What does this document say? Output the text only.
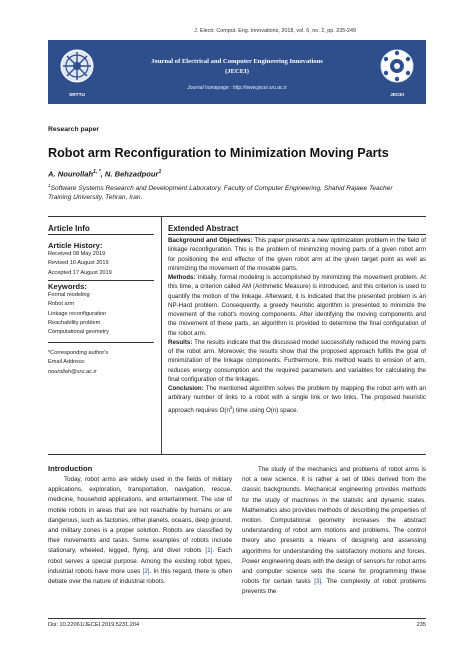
J. Electr. Comput. Eng. Innovations, 2018, vol. 6, no. 2, pp. 235-249
SRTTU
Journal of Electrical and Computer Engineering Innovations
(JECEI)
Journal homepage : http://www.jecei.sru.ac.ir
JECEI
Research paper
Robot arm Reconfiguration to Minimization Moving Parts
A. Nourollah$^{1, *}$, N. Behzadpour$^1$
$^1$Software Systems Research and Development Laboratory, Faculty of Computer Engineering, Shahid Rajaee Teacher
Training University, Tehran, Iran.
Article Info	Extended Abstract
Article History:
Received 08 May 2019
Revised 10 August 2019
Accepted 17 August 2019
Keywords:
Formal modeling
Robot arm
Linkage reconfiguration
Reachability problem
Computational geometry
*Corresponding author's
Email Address:
nourollah@sru.ac.ir

Background and Objectives: This paper presents a new optimization problem in the field of linkage reconfiguration. This is the problem of minimizing moving parts of a given robot arm for positioning the end effector of the given robot arm at the given target point as well as minimizing the movement of the movable parts.

Methods: Initially, formal modeling is accomplished by minimizing the movement problem. At this time, a criterion called AM (Arithmetic Measure) is introduced, and this criterion is used to quantify the motion of the linkage. Afterward, it is indicated that the presented problem is an NP-Hard problem. Consequently, a greedy heuristic algorithm is presented to minimize the movement of the robot's moving components. After identifying the moving components and the movement of these parts, an algorithm is provided to determine the final configuration of the robot arm.

Results: The results indicate that the discussed model successfully reduced the moving parts of the robot arm. Moreover, the results show that the proposed approach fulfills the goal of minimization of the linkage components. Furthermore, this method leads to erosion of arm, reduces energy consumption and the required parameters and variables for calculating the final configuration of the linkages.

Conclusion: The mentioned algorithm solves the problem by mapping the robot arm with an arbitrary number of links to a robot with a single link or two links. The proposed heuristic approach requires $O(n^3)$ time using O(n) space.

Introduction
Today, robot arms are widely used in the fields of military applications, exploration, transportation, navigation, rescue, medicine, household applications, and entertainment. The use of mobile robots in areas that are not reachable by humans or are dangerous, such as factories, other planets, oceans, deep ground, and military zones is a proper solution. Robots are classified by their movements and tasks. Some examples of robots include stationary, wheeled, legged, flying, and diver robots [1]. Each robot serves a special purpose. Among the existing robot types, industrial robots have more uses [2]. In this regard, there is often debate over the nature of industrial robots.
The study of the mechanics and problems of robot arms is not a new science. It is rather a set of titles derived from the classic backgrounds. Mechanical engineering provides methods for the study of machines in the statistic and dynamic states. Mathematics also provides methods of describing the properties of motion. Computational geometry increases the abstract understanding of robot arm motions and problems. The control theory also presents a means of designing and assessing algorithms for understanding the satisfactory motions and forces. Power engineering deals with the design of sensors for robot arms and computer science sets the scene for programming these robots for certain tasks [3]. The complexity of robot problems prevents the
Doi: 10.22061/JECEI.2019.5231.204	235
